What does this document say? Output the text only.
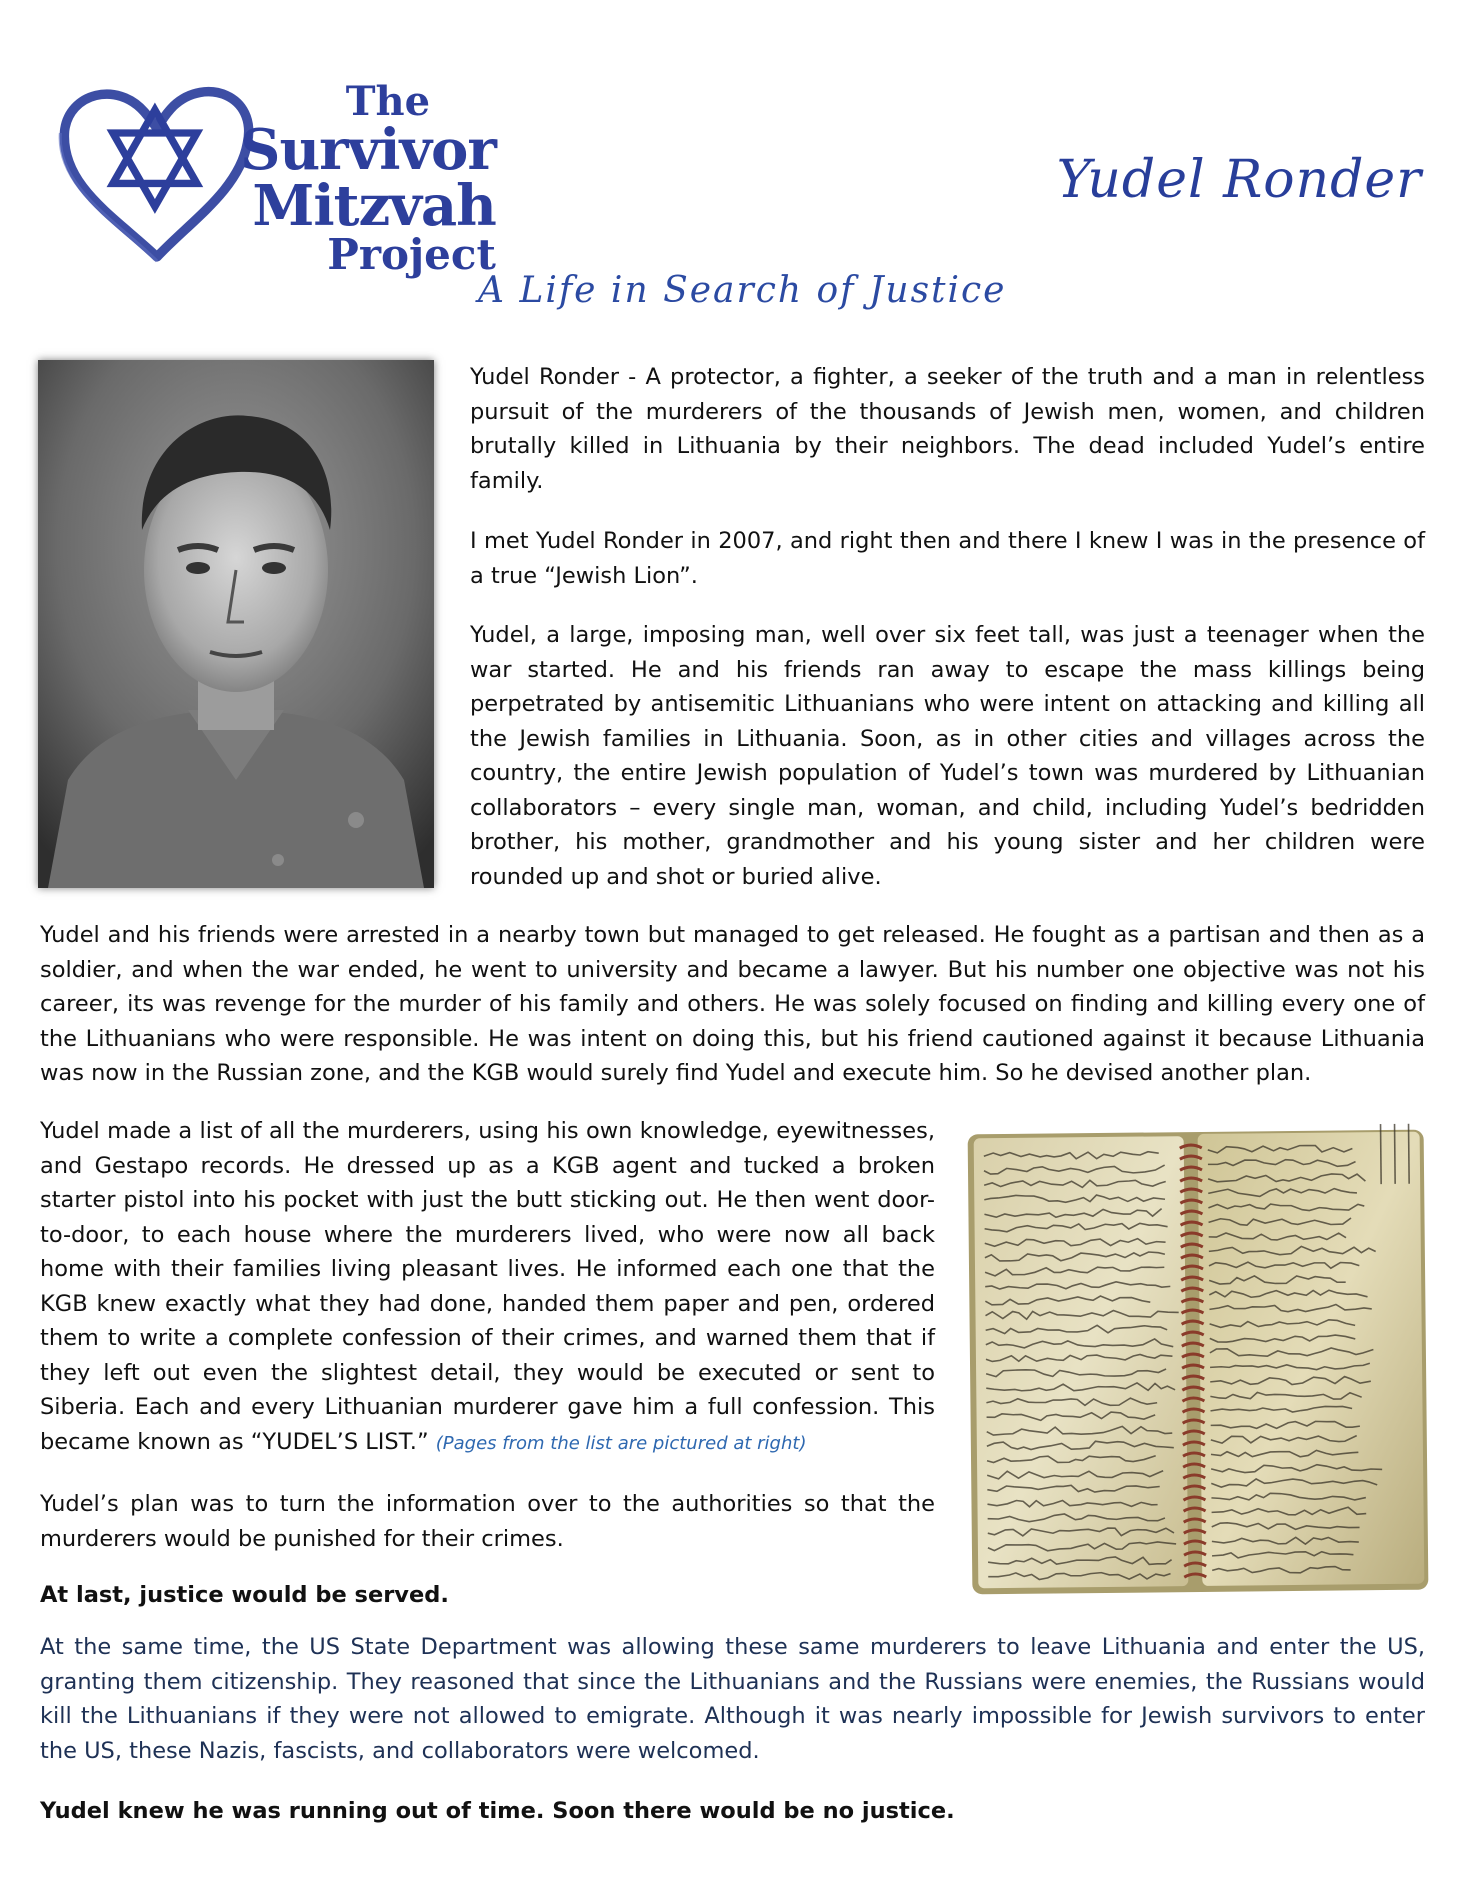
The
Survivor
Mitzvah
Project
Yudel Ronder
A Life in Search of Justice

Yudel Ronder - A protector, a fighter, a seeker of the truth and a man in relentless pursuit of the murderers of the thousands of Jewish men, women, and children brutally killed in Lithuania by their neighbors. The dead included Yudel’s entire family.

I met Yudel Ronder in 2007, and right then and there I knew I was in the presence of a true “Jewish Lion”.

Yudel, a large, imposing man, well over six feet tall, was just a teenager when the war started. He and his friends ran away to escape the mass killings being perpetrated by antisemitic Lithuanians who were intent on attacking and killing all the Jewish families in Lithuania. Soon, as in other cities and villages across the country, the entire Jewish population of Yudel’s town was murdered by Lithuanian collaborators – every single man, woman, and child, including Yudel’s bedridden brother, his mother, grandmother and his young sister and her children were rounded up and shot or buried alive.

Yudel and his friends were arrested in a nearby town but managed to get released. He fought as a partisan and then as a soldier, and when the war ended, he went to university and became a lawyer. But his number one objective was not his career, its was revenge for the murder of his family and others. He was solely focused on finding and killing every one of the Lithuanians who were responsible. He was intent on doing this, but his friend cautioned against it because Lithuania was now in the Russian zone, and the KGB would surely find Yudel and execute him. So he devised another plan.

Yudel made a list of all the murderers, using his own knowledge, eyewitnesses, and Gestapo records. He dressed up as a KGB agent and tucked a broken starter pistol into his pocket with just the butt sticking out. He then went door-to-door, to each house where the murderers lived, who were now all back home with their families living pleasant lives. He informed each one that the KGB knew exactly what they had done, handed them paper and pen, ordered them to write a complete confession of their crimes, and warned them that if they left out even the slightest detail, they would be executed or sent to Siberia. Each and every Lithuanian murderer gave him a full confession. This became known as “YUDEL’S LIST.” (Pages from the list are pictured at right)

Yudel’s plan was to turn the information over to the authorities so that the murderers would be punished for their crimes.

At last, justice would be served.

At the same time, the US State Department was allowing these same murderers to leave Lithuania and enter the US, granting them citizenship. They reasoned that since the Lithuanians and the Russians were enemies, the Russians would kill the Lithuanians if they were not allowed to emigrate. Although it was nearly impossible for Jewish survivors to enter the US, these Nazis, fascists, and collaborators were welcomed.

Yudel knew he was running out of time. Soon there would be no justice.
